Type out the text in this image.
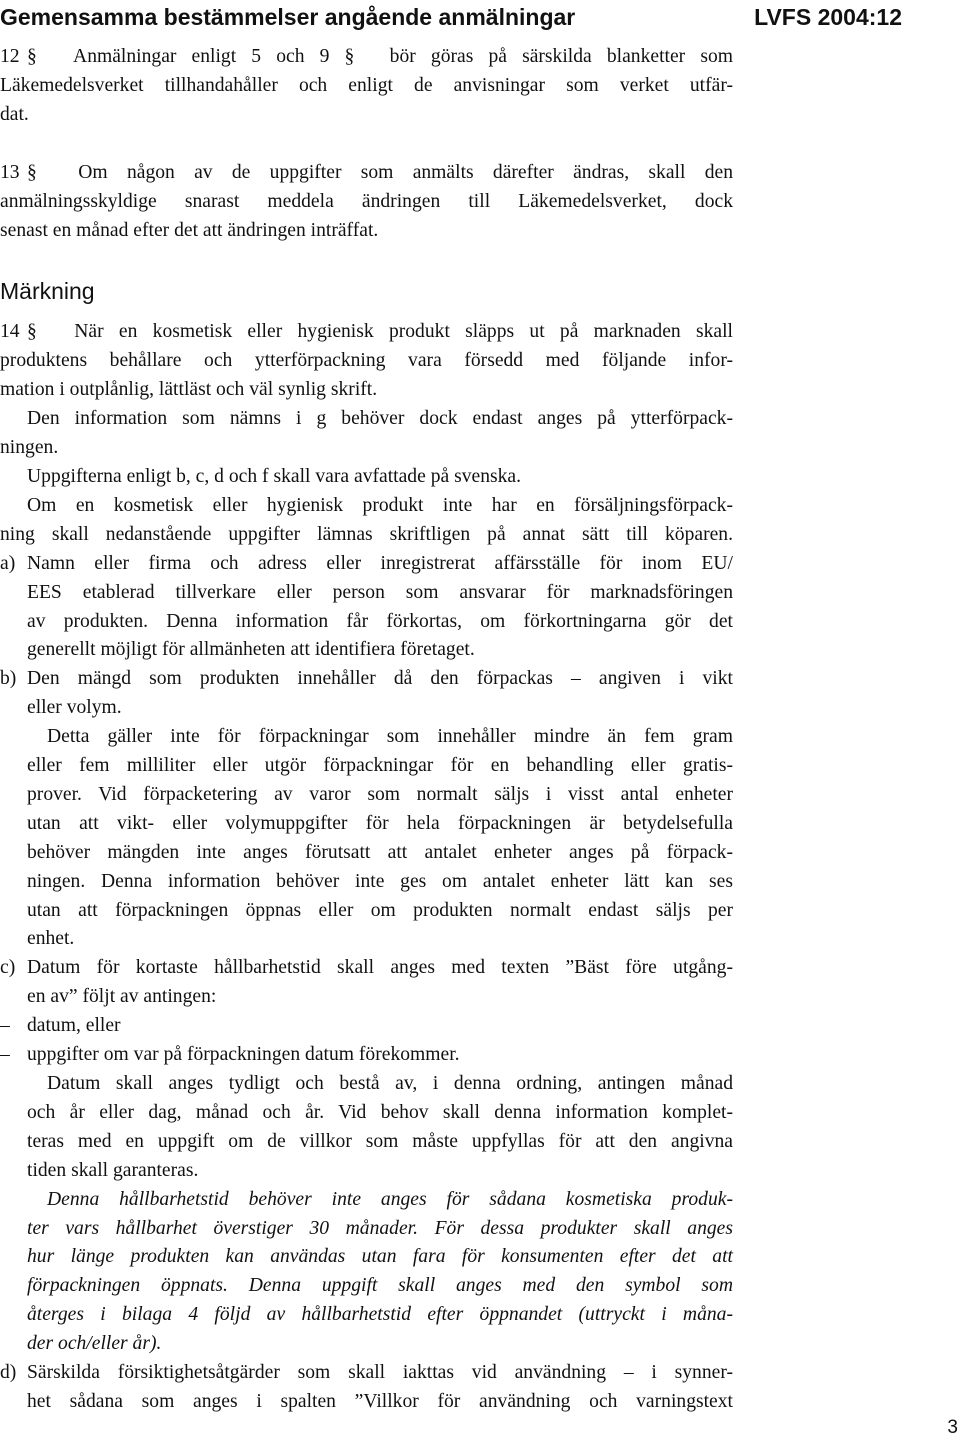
Gemensamma bestämmelser angående anmälningar	LVFS 2004:12
12 § Anmälningar enligt 5 och 9 § bör göras på särskilda blanketter som
Läkemedelsverket tillhandahåller och enligt de anvisningar som verket utfär-
dat.
13 § Om någon av de uppgifter som anmälts därefter ändras, skall den
anmälningsskyldige snarast meddela ändringen till Läkemedelsverket, dock
senast en månad efter det att ändringen inträffat.
Märkning
14 § När en kosmetisk eller hygienisk produkt släpps ut på marknaden skall
produktens behållare och ytterförpackning vara försedd med följande infor-
mation i outplånlig, lättläst och väl synlig skrift.
Den information som nämns i g behöver dock endast anges på ytterförpack-
ningen.
Uppgifterna enligt b, c, d och f skall vara avfattade på svenska.
Om en kosmetisk eller hygienisk produkt inte har en försäljningsförpack-
ning skall nedanstående uppgifter lämnas skriftligen på annat sätt till köparen.
a) Namn eller firma och adress eller inregistrerat affärsställe för inom EU/
EES etablerad tillverkare eller person som ansvarar för marknadsföringen
av produkten. Denna information får förkortas, om förkortningarna gör det
generellt möjligt för allmänheten att identifiera företaget.
b) Den mängd som produkten innehåller då den förpackas – angiven i vikt
eller volym.
Detta gäller inte för förpackningar som innehåller mindre än fem gram
eller fem milliliter eller utgör förpackningar för en behandling eller gratis-
prover. Vid förpacketering av varor som normalt säljs i visst antal enheter
utan att vikt- eller volymuppgifter för hela förpackningen är betydelsefulla
behöver mängden inte anges förutsatt att antalet enheter anges på förpack-
ningen. Denna information behöver inte ges om antalet enheter lätt kan ses
utan att förpackningen öppnas eller om produkten normalt endast säljs per
enhet.
c) Datum för kortaste hållbarhetstid skall anges med texten ”Bäst före utgång-
en av” följt av antingen:
– datum, eller
– uppgifter om var på förpackningen datum förekommer.
Datum skall anges tydligt och bestå av, i denna ordning, antingen månad
och år eller dag, månad och år. Vid behov skall denna information komplet-
teras med en uppgift om de villkor som måste uppfyllas för att den angivna
tiden skall garanteras.
Denna hållbarhetstid behöver inte anges för sådana kosmetiska produk-
ter vars hållbarhet överstiger 30 månader. För dessa produkter skall anges
hur länge produkten kan användas utan fara för konsumenten efter det att
förpackningen öppnats. Denna uppgift skall anges med den symbol som
återges i bilaga 4 följd av hållbarhetstid efter öppnandet (uttryckt i måna-
der och/eller år).
d) Särskilda försiktighetsåtgärder som skall iakttas vid användning – i synner-
het sådana som anges i spalten ”Villkor för användning och varningstext
3
